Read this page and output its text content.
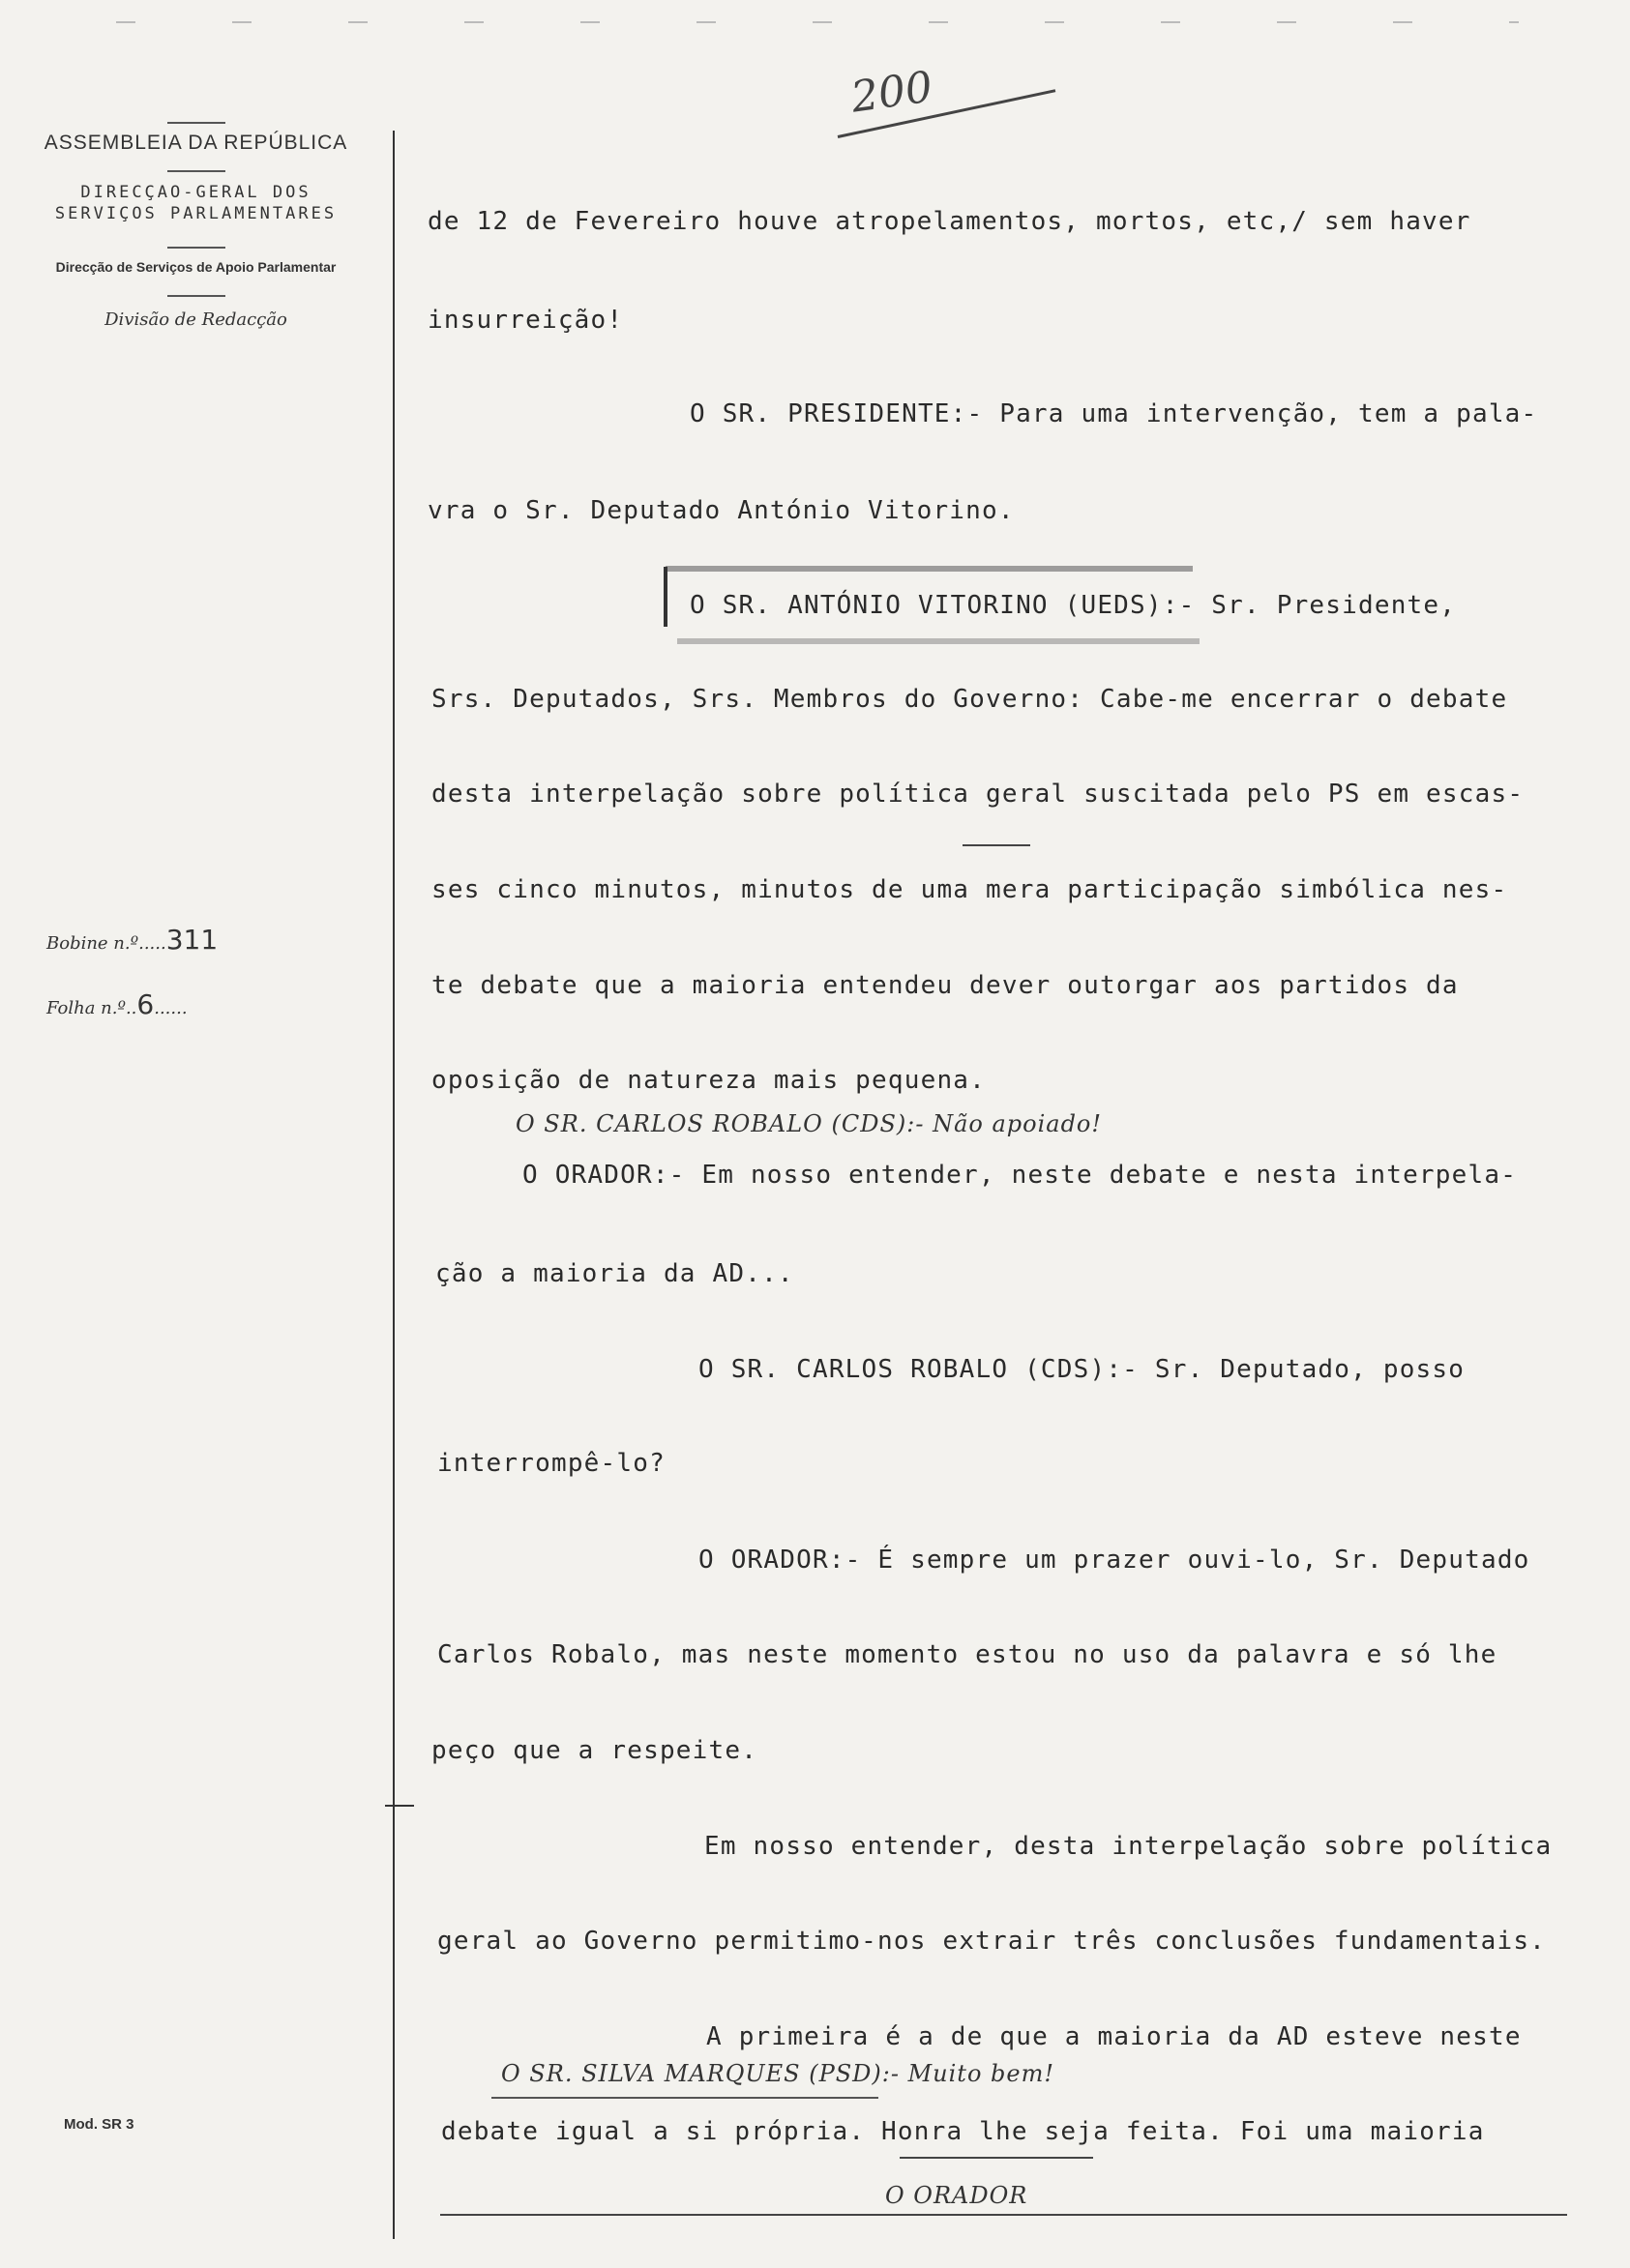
ASSEMBLEIA DA REPÚBLICA
DIRECÇAO-GERAL DOS
SERVIÇOS PARLAMENTARES
Direcção de Serviços de Apoio Parlamentar
Divisão de Redacção
200
Bobine n.º.....311
Folha n.º..6......
Mod. SR 3
de 12 de Fevereiro houve atropelamentos, mortos, etc,/ sem haver
insurreição!
O SR. PRESIDENTE:- Para uma intervenção, tem a pala-
vra o Sr. Deputado António Vitorino.
O SR. ANTÓNIO VITORINO (UEDS):- Sr. Presidente,
Srs. Deputados, Srs. Membros do Governo: Cabe-me encerrar o debate
desta interpelação sobre política geral suscitada pelo PS em escas-
ses cinco minutos, minutos de uma mera participação simbólica nes-
te debate que a maioria entendeu dever outorgar aos partidos da
oposição de natureza mais pequena.
O SR. CARLOS ROBALO (CDS):- Não apoiado!
O ORADOR:- Em nosso entender, neste debate e nesta interpela-
ção a maioria da AD...
O SR. CARLOS ROBALO (CDS):- Sr. Deputado, posso
interrompê-lo?
O ORADOR:- É sempre um prazer ouvi-lo, Sr. Deputado
Carlos Robalo, mas neste momento estou no uso da palavra e só lhe
peço que a respeite.
Em nosso entender, desta interpelação sobre política
geral ao Governo permitimo-nos extrair três conclusões fundamentais.
A primeira é a de que a maioria da AD esteve neste
O SR. SILVA MARQUES (PSD):- Muito bem!
debate igual a si própria. Honra lhe seja feita. Foi uma maioria
O ORADOR
